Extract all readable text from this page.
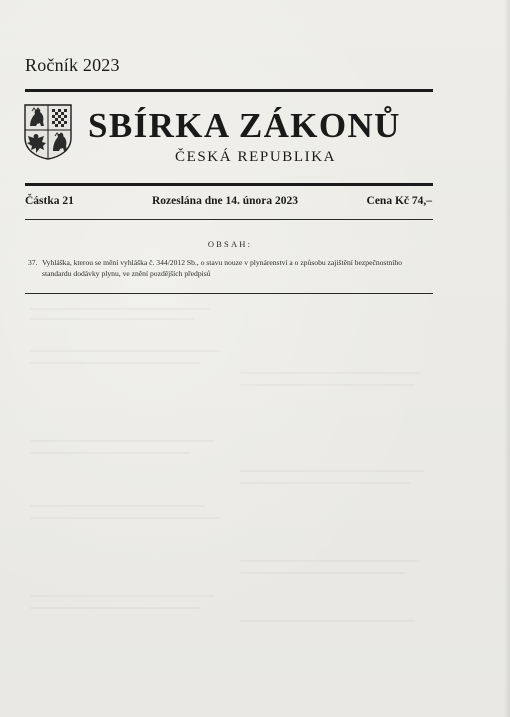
Ročník 2023
SBÍRKA ZÁKONŮ
ČESKÁ REPUBLIKA
Částka 21	Rozeslána dne 14. února 2023	Cena Kč 74,–
OBSAH:
37. Vyhláška, kterou se mění vyhláška č. 344/2012 Sb., o stavu nouze v plynárenství a o způsobu zajištění bezpečnostního
standardu dodávky plynu, ve znění pozdějších předpisů
